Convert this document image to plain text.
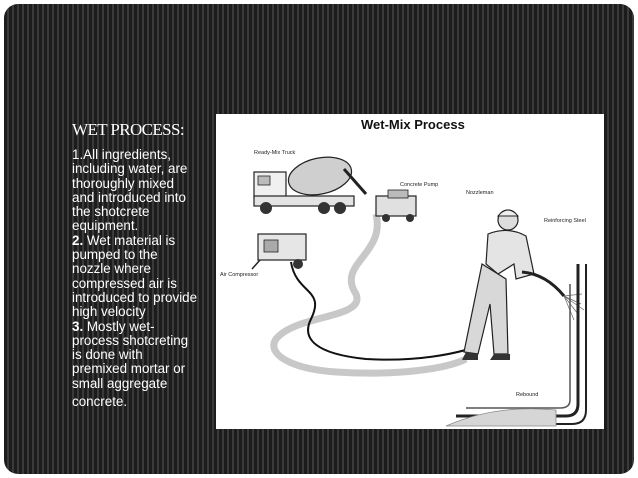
WET PROCESS:

1.All ingredients, including water, are thoroughly mixed and introduced into the shotcrete equipment.

2. Wet material is pumped to the nozzle where compressed air is introduced to provide high velocity

3. Mostly wet-process shotcreting is done with premixed mortar or small aggregate

concrete.

Wet-Mix Process
Ready-Mix Truck
Concrete Pump
Air Compressor
Nozzleman
Reinforcing Steel
Rebound
